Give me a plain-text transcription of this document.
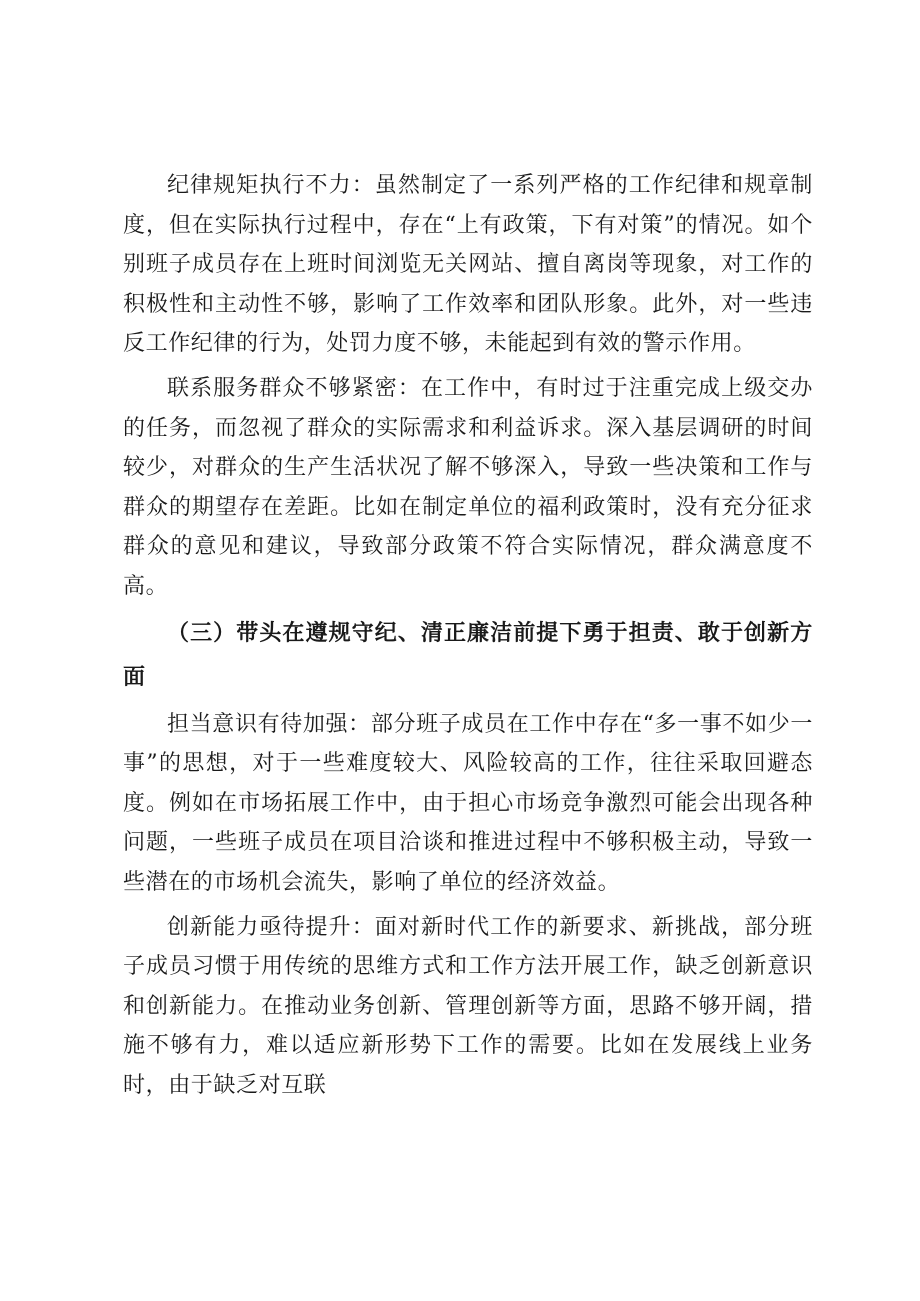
纪律规矩执行不力：虽然制定了一系列严格的工作纪律和规章制度，但在实际执行过程中，存在“上有政策，下有对策”的情况。如个别班子成员存在上班时间浏览无关网站、擅自离岗等现象，对工作的积极性和主动性不够，影响了工作效率和团队形象。此外，对一些违反工作纪律的行为，处罚力度不够，未能起到有效的警示作用。

联系服务群众不够紧密：在工作中，有时过于注重完成上级交办的任务，而忽视了群众的实际需求和利益诉求。深入基层调研的时间较少，对群众的生产生活状况了解不够深入，导致一些决策和工作与群众的期望存在差距。比如在制定单位的福利政策时，没有充分征求群众的意见和建议，导致部分政策不符合实际情况，群众满意度不高。

（三）带头在遵规守纪、清正廉洁前提下勇于担责、敢于创新方面

担当意识有待加强：部分班子成员在工作中存在“多一事不如少一事”的思想，对于一些难度较大、风险较高的工作，往往采取回避态度。例如在市场拓展工作中，由于担心市场竞争激烈可能会出现各种问题，一些班子成员在项目洽谈和推进过程中不够积极主动，导致一些潜在的市场机会流失，影响了单位的经济效益。

创新能力亟待提升：面对新时代工作的新要求、新挑战，部分班子成员习惯于用传统的思维方式和工作方法开展工作，缺乏创新意识和创新能力。在推动业务创新、管理创新等方面，思路不够开阔，措施不够有力，难以适应新形势下工作的需要。比如在发展线上业务时，由于缺乏对互联
